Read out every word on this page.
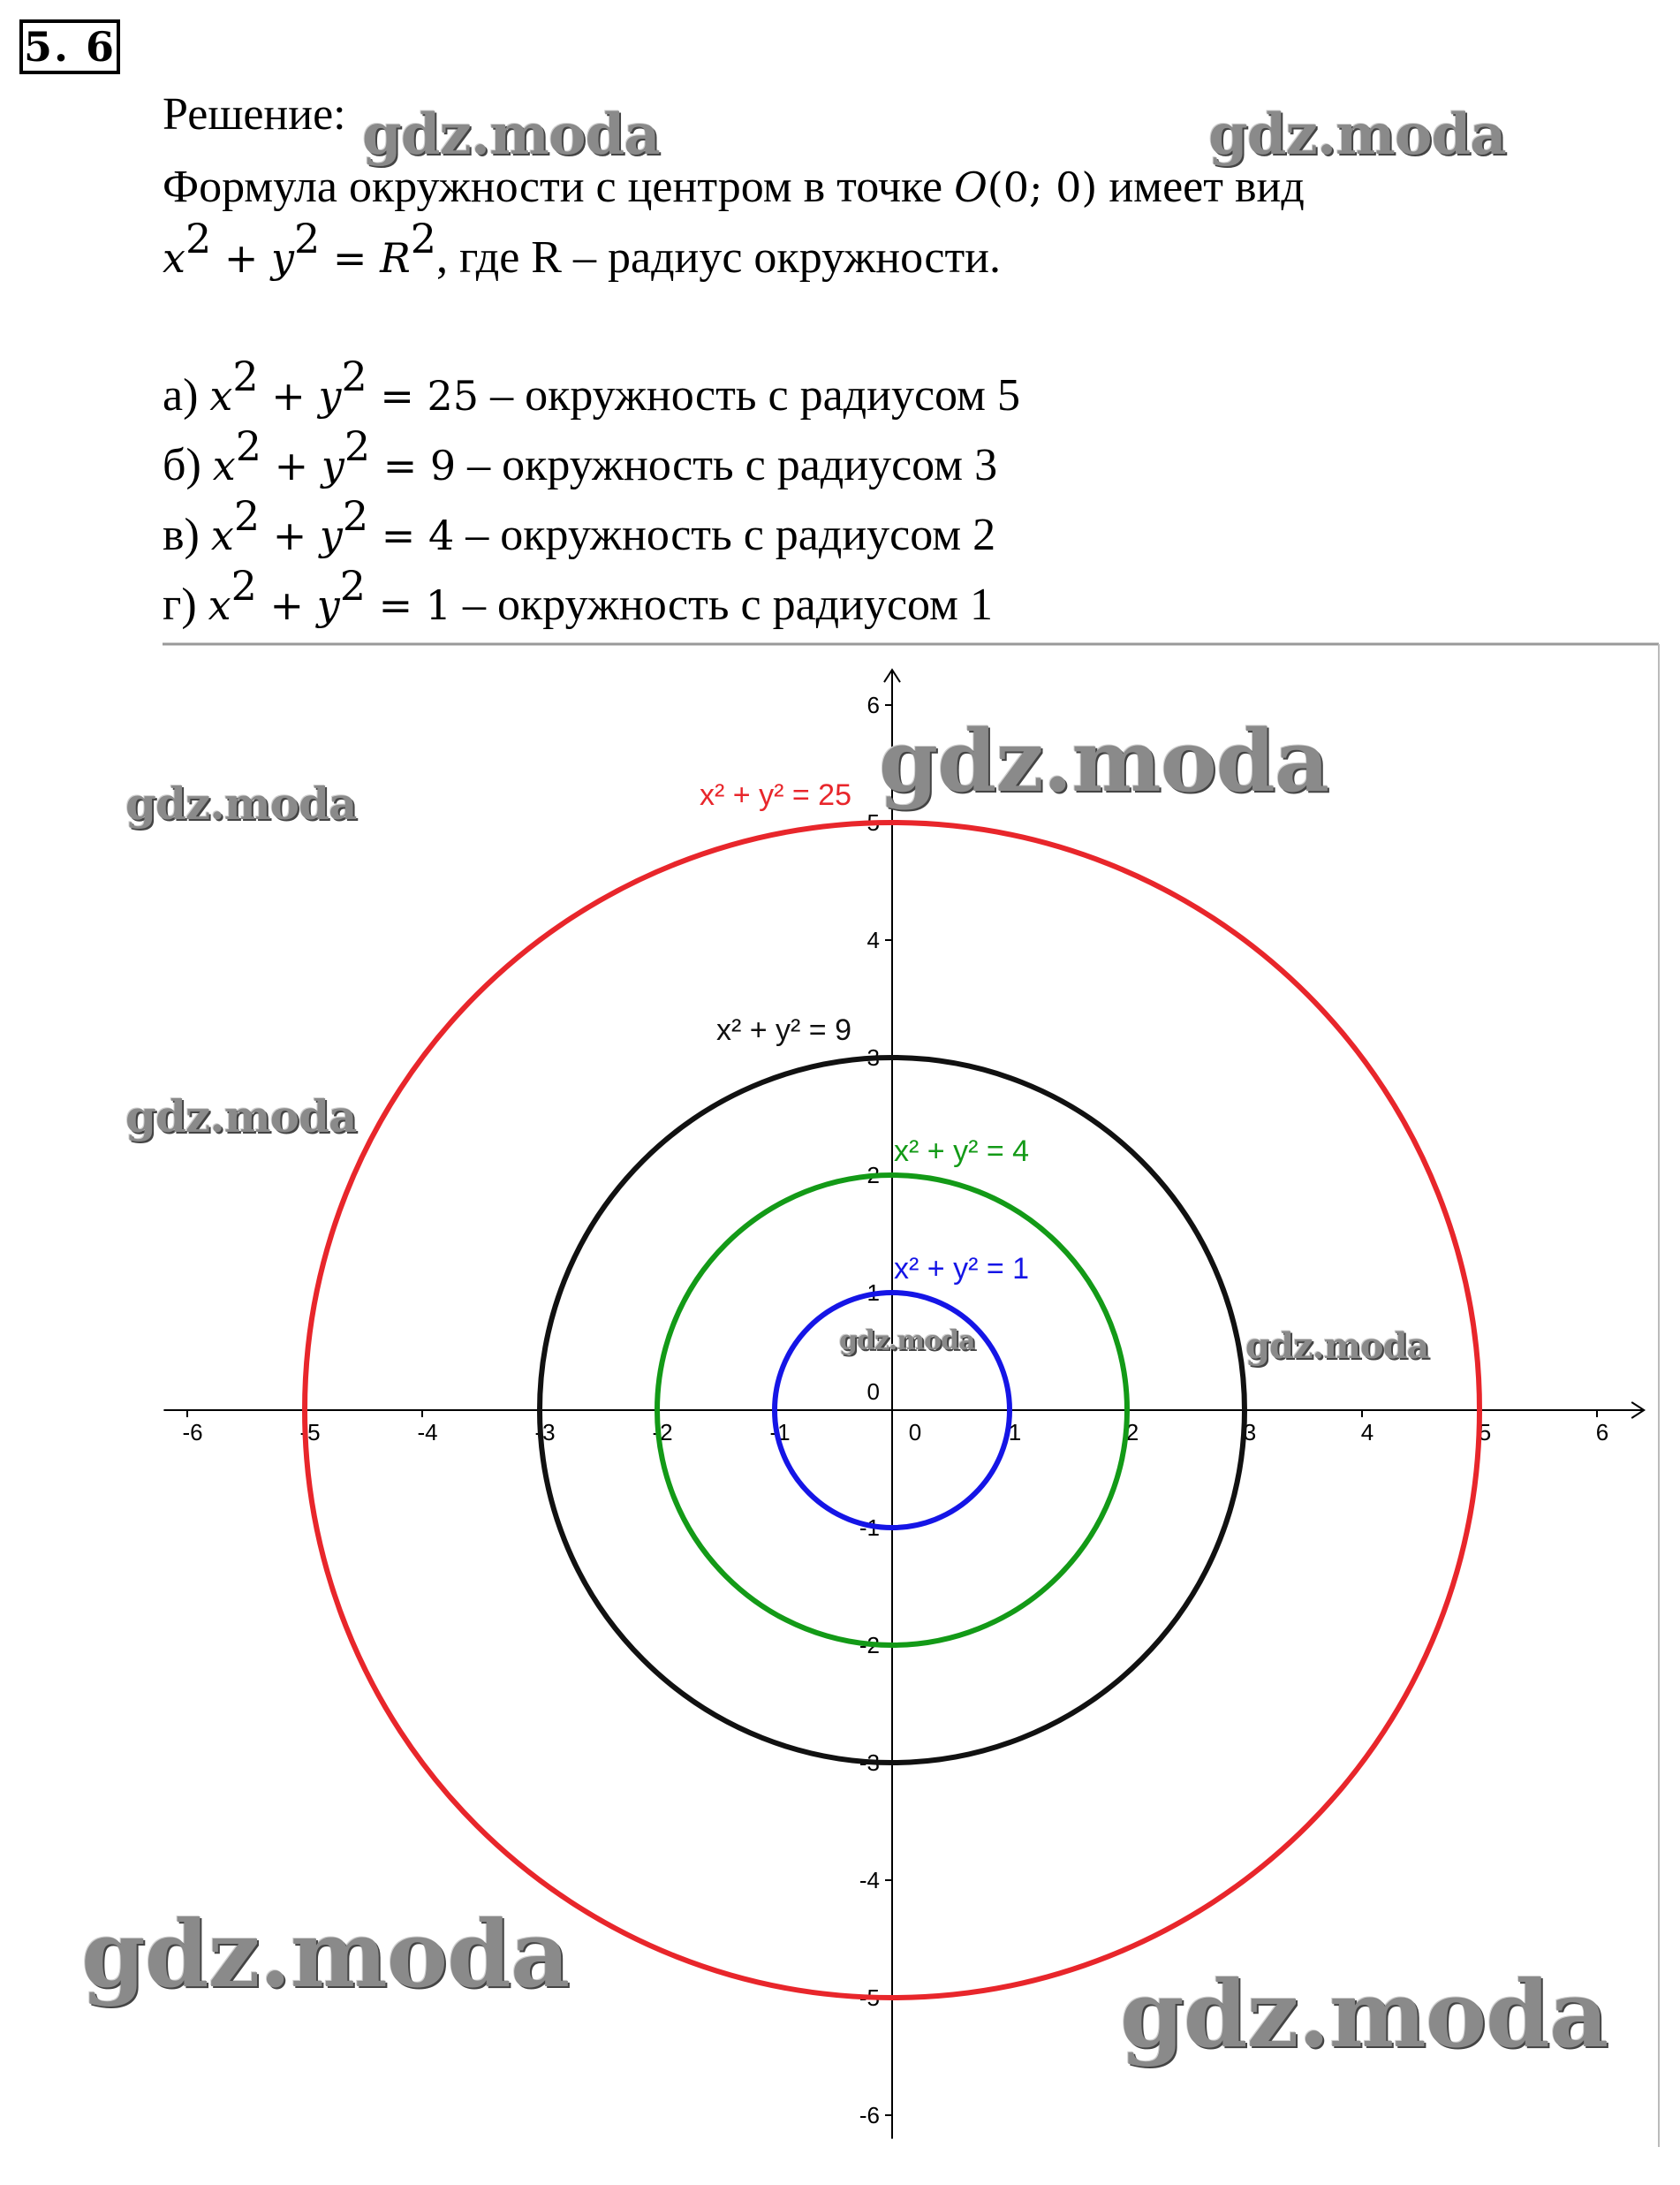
5. 6
Решение:
Формула окружности с центром в точке O(0; 0) имеет вид
$x^2 + y^2 = R^2$, где R – радиус окружности.
а) $x^2 + y^2 = 25$ – окружность с радиусом 5
б) $x^2 + y^2 = 9$ – окружность с радиусом 3
в) $x^2 + y^2 = 4$ – окружность с радиусом 2
г) $x^2 + y^2 = 1$ – окружность с радиусом 1
-6	-5	-4	-3	-2	-1	1	2	3	4	5	6
-6
-5
-4
-3
-2
-1
1
2
3
4
5
6
0
0
x² + y² = 25
x² + y² = 9
x² + y² = 4
x² + y² = 1
gdz.moda	gdz.moda
gdz.moda
gdz.moda
gdz.moda
gdz.moda	gdz.moda
gdz.moda
gdz.moda
